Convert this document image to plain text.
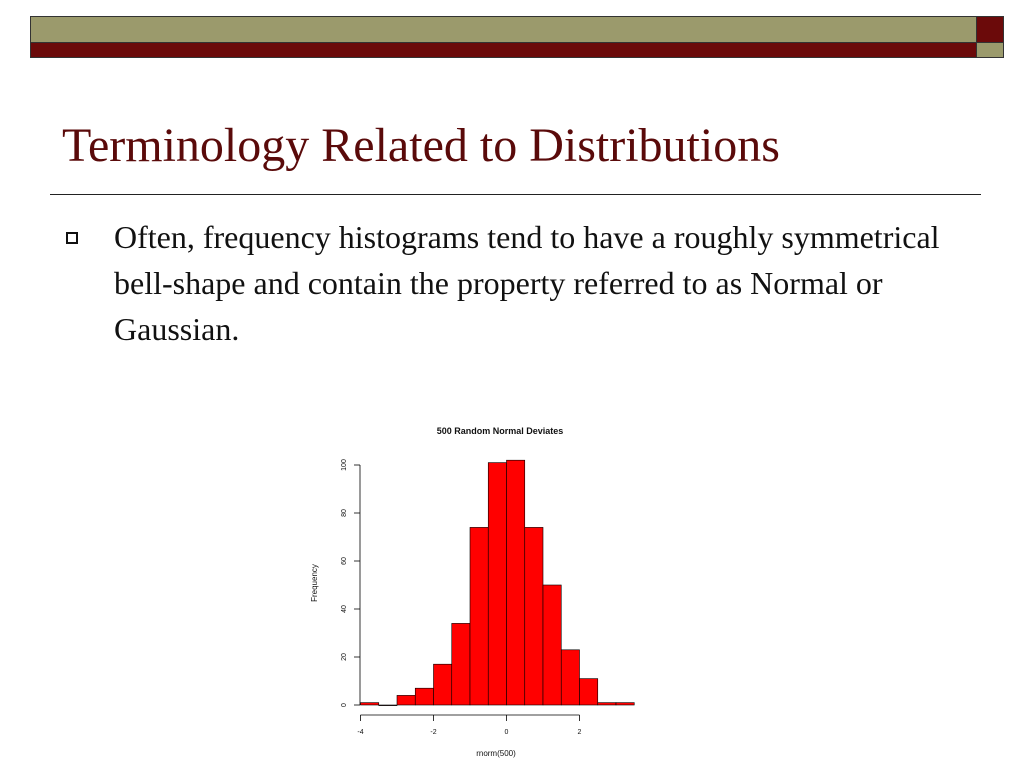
Terminology Related to Distributions
Often, frequency histograms tend to have a roughly symmetrical bell-shape and contain the property referred to as Normal or Gaussian.
500 Random Normal Deviates
Frequency
rnorm(500)
0
20
40
60
80
100
-4	-2	0	2
